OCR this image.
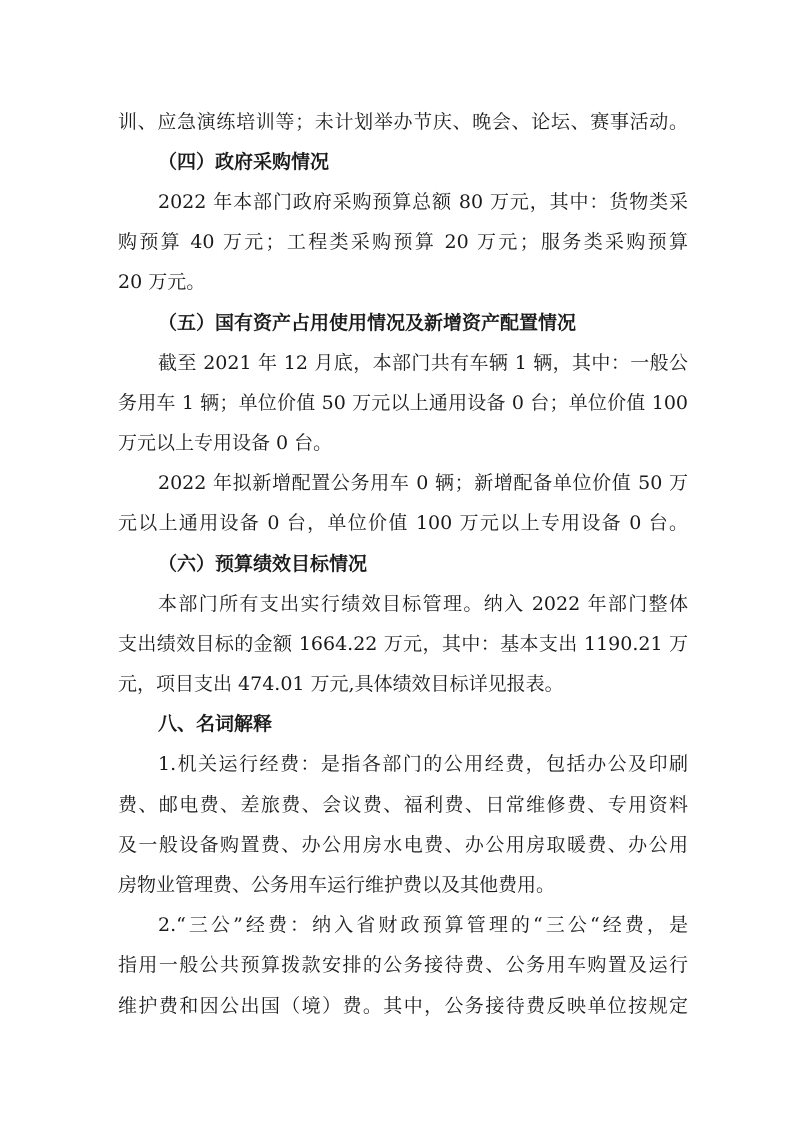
训、应急演练培训等；未计划举办节庆、晚会、论坛、赛事活动。
（四）政府采购情况
2022 年本部门政府采购预算总额 80 万元，其中：货物类采
购预算 40 万元；工程类采购预算 20 万元；服务类采购预算
20 万元。
（五）国有资产占用使用情况及新增资产配置情况
截至 2021 年 12 月底，本部门共有车辆 1 辆，其中：一般公
务用车 1 辆；单位价值 50 万元以上通用设备 0 台；单位价值 100
万元以上专用设备 0 台。
2022 年拟新增配置公务用车 0 辆；新增配备单位价值 50 万
元以上通用设备 0 台，单位价值 100 万元以上专用设备 0 台。
（六）预算绩效目标情况
本部门所有支出实行绩效目标管理。纳入 2022 年部门整体
支出绩效目标的金额 1664.22 万元，其中：基本支出 1190.21 万
元，项目支出 474.01 万元,具体绩效目标详见报表。
八、名词解释
1.机关运行经费：是指各部门的公用经费，包括办公及印刷
费、邮电费、差旅费、会议费、福利费、日常维修费、专用资料
及一般设备购置费、办公用房水电费、办公用房取暖费、办公用
房物业管理费、公务用车运行维护费以及其他费用。
2.“三公”经费：纳入省财政预算管理的“三公“经费，是
指用一般公共预算拨款安排的公务接待费、公务用车购置及运行
维护费和因公出国（境）费。其中，公务接待费反映单位按规定
